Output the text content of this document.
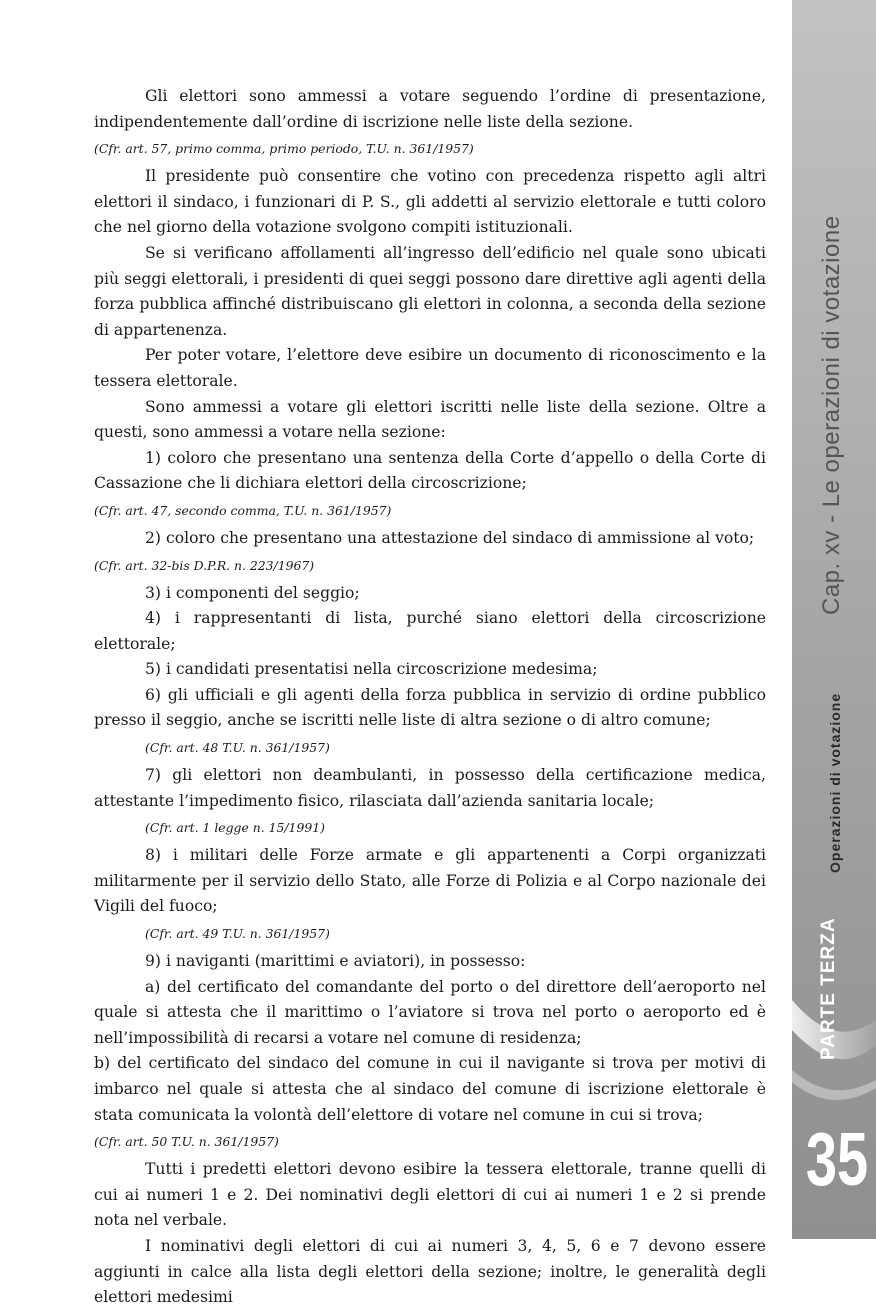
Gli elettori sono ammessi a votare seguendo l’ordine di presentazione, indipendentemente dall’ordine di iscrizione nelle liste della sezione.

(Cfr. art. 57, primo comma, primo periodo, T.U. n. 361/1957)

Il presidente può consentire che votino con precedenza rispetto agli altri elettori il sindaco, i funzionari di P. S., gli addetti al servizio elettorale e tutti coloro che nel giorno della votazione svolgono compiti istituzionali.

Se si verificano affollamenti all’ingresso dell’edificio nel quale sono ubicati più seggi elettorali, i presidenti di quei seggi possono dare direttive agli agenti della forza pubblica affinché distribuiscano gli elettori in colonna, a seconda della sezione di appartenenza.

Per poter votare, l’elettore deve esibire un documento di riconoscimento e la tessera elettorale.

Sono ammessi a votare gli elettori iscritti nelle liste della sezione. Oltre a questi, sono ammessi a votare nella sezione:

1) coloro che presentano una sentenza della Corte d’appello o della Corte di Cassazione che li dichiara elettori della circoscrizione;

(Cfr. art. 47, secondo comma, T.U. n. 361/1957)

2) coloro che presentano una attestazione del sindaco di ammissione al voto;

(Cfr. art. 32-bis D.P.R. n. 223/1967)

3) i componenti del seggio;

4) i rappresentanti di lista, purché siano elettori della circoscrizione elettorale;

5) i candidati presentatisi nella circoscrizione medesima;

6) gli ufficiali e gli agenti della forza pubblica in servizio di ordine pubblico presso il seggio, anche se iscritti nelle liste di altra sezione o di altro comune;

(Cfr. art. 48 T.U. n. 361/1957)

7) gli elettori non deambulanti, in possesso della certificazione medica, attestante l’impedimento fisico, rilasciata dall’azienda sanitaria locale;

(Cfr. art. 1 legge n. 15/1991)

8) i militari delle Forze armate e gli appartenenti a Corpi organizzati militarmente per il servizio dello Stato, alle Forze di Polizia e al Corpo nazionale dei Vigili del fuoco;

(Cfr. art. 49 T.U. n. 361/1957)

9) i naviganti (marittimi e aviatori), in possesso:

a) del certificato del comandante del porto o del direttore dell’aeroporto nel quale si attesta che il marittimo o l’aviatore si trova nel porto o aeroporto ed è nell’impossibilità di recarsi a votare nel comune di residenza;

b) del certificato del sindaco del comune in cui il navigante si trova per motivi di imbarco nel quale si attesta che al sindaco del comune di iscrizione elettorale è stata comunicata la volontà dell’elettore di votare nel comune in cui si trova;

(Cfr. art. 50 T.U. n. 361/1957)

Tutti i predetti elettori devono esibire la tessera elettorale, tranne quelli di cui ai numeri 1 e 2. Dei nominativi degli elettori di cui ai numeri 1 e 2 si prende nota nel verbale.

I nominativi degli elettori di cui ai numeri 3, 4, 5, 6 e 7 devono essere aggiunti in calce alla lista degli elettori della sezione; inoltre, le generalità degli elettori medesimi

Cap. xv - Le operazioni di votazione
Operazioni di votazione
PARTE TERZA
35
